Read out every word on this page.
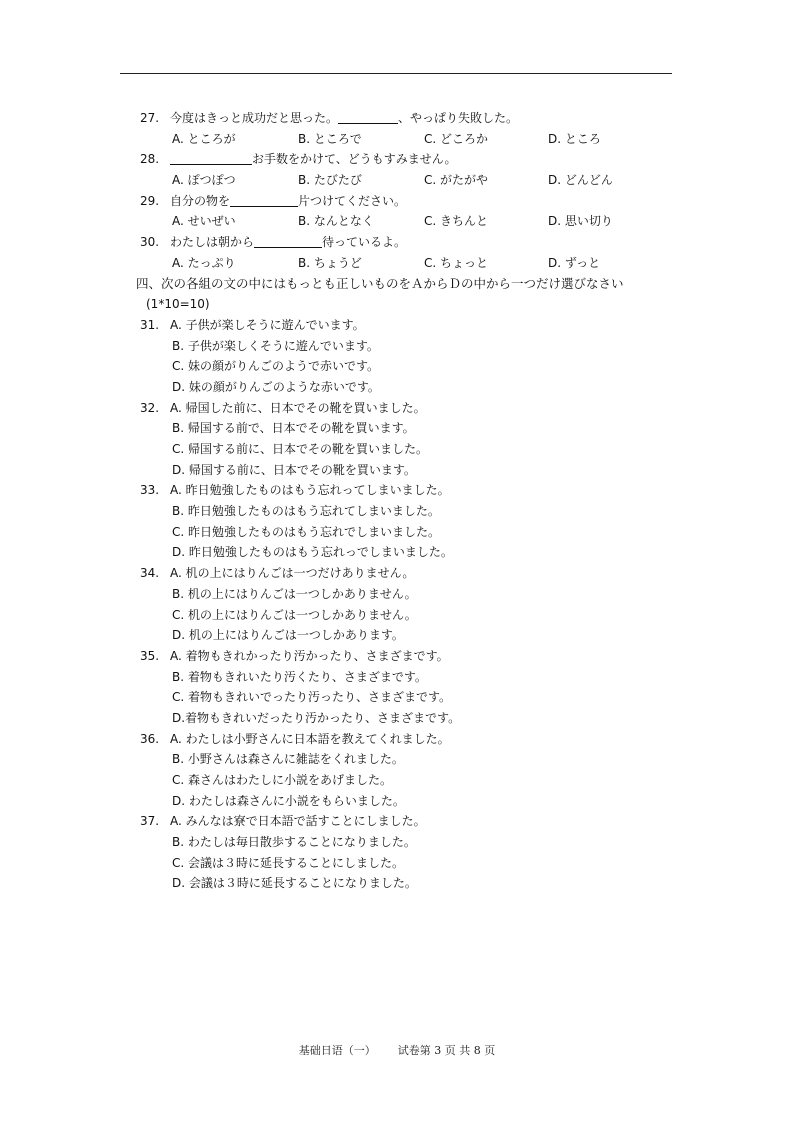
27. 今度はきっと成功だと思った。	、やっぱり失敗した。
A. ところが	B. ところで	C. どころか	D. ところ
28.	お手数をかけて、どうもすみません。
A. ぽつぽつ	B. たびたび	C. がたがや	D. どんどん
29. 自分の物を	片つけてください。
A. せいぜい	B. なんとなく	C. きちんと	D. 思い切り
30. わたしは朝から	待っているよ。
A. たっぷり	B. ちょうど	C. ちょっと	D. ずっと
四、次の各組の文の中にはもっとも正しいものをＡからＤの中から一つだけ選びなさい
(1*10=10)
31. A. 子供が楽しそうに遊んでいます。
B. 子供が楽しくそうに遊んでいます。
C. 妹の顔がりんごのようで赤いです。
D. 妹の顔がりんごのような赤いです。
32. A. 帰国した前に、日本でその靴を買いました。
B. 帰国する前で、日本でその靴を買います。
C. 帰国する前に、日本でその靴を買いました。
D. 帰国する前に、日本でその靴を買います。
33. A. 昨日勉強したものはもう忘れってしまいました。
B. 昨日勉強したものはもう忘れてしまいました。
C. 昨日勉強したものはもう忘れでしまいました。
D. 昨日勉強したものはもう忘れっでしまいました。
34. A. 机の上にはりんごは一つだけありません。
B. 机の上にはりんごは一つしかありません。
C. 机の上にはりんごは一つしかありません。
D. 机の上にはりんごは一つしかあります。
35. A. 着物もきれかったり汚かったり、さまざまです。
B. 着物もきれいたり汚くたり、さまざまです。
C. 着物もきれいでったり汚ったり、さまざまです。
D.着物もきれいだったり汚かったり、さまざまです。
36. A. わたしは小野さんに日本語を教えてくれました。
B. 小野さんは森さんに雑誌をくれました。
C. 森さんはわたしに小説をあげました。
D. わたしは森さんに小説をもらいました。
37. A. みんなは寮で日本語で話すことにしました。
B. わたしは毎日散歩することになりました。
C. 会議は３時に延長することにしました。
D. 会議は３時に延長することになりました。
基础日语（一） 试卷第 3 页 共 8 页
